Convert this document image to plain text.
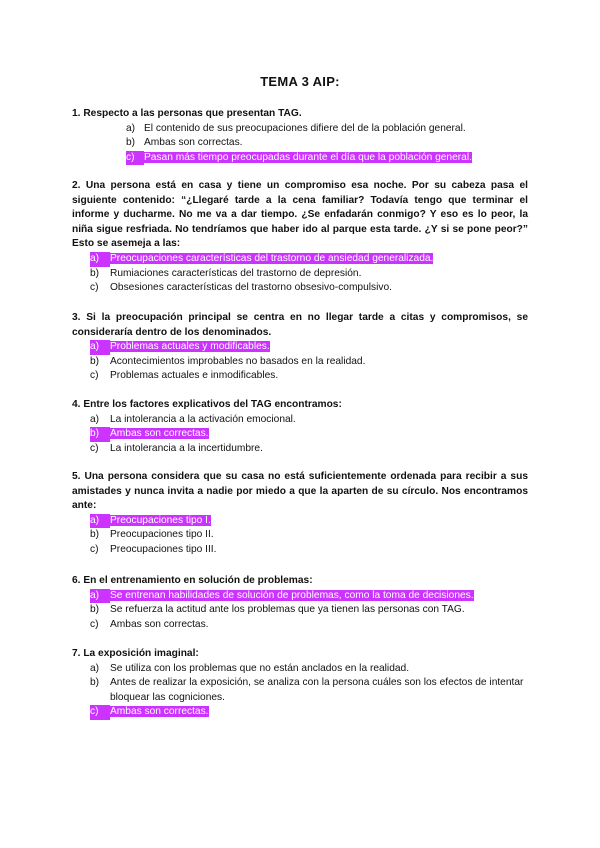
TEMA 3 AIP:
1. Respecto a las personas que presentan TAG.
a) El contenido de sus preocupaciones difiere del de la población general.
b) Ambas son correctas.
c) Pasan más tiempo preocupadas durante el día que la población general.
2. Una persona está en casa y tiene un compromiso esa noche. Por su cabeza pasa el siguiente contenido: “¿Llegaré tarde a la cena familiar? Todavía tengo que terminar el informe y ducharme. No me va a dar tiempo. ¿Se enfadarán conmigo? Y eso es lo peor, la niña sigue resfriada. No tendríamos que haber ido al parque esta tarde. ¿Y si se pone peor?” Esto se asemeja a las:
a) Preocupaciones características del trastorno de ansiedad generalizada.
b)	Rumiaciones características del trastorno de depresión.
c)	Obsesiones características del trastorno obsesivo-compulsivo.
3. Si la preocupación principal se centra en no llegar tarde a citas y compromisos, se consideraría dentro de los denominados.
a) Problemas actuales y modificables.
b)	Acontecimientos improbables no basados en la realidad.
c)	Problemas actuales e inmodificables.
4. Entre los factores explicativos del TAG encontramos:
a)	La intolerancia a la activación emocional.
b) Ambas son correctas.
c)	La intolerancia a la incertidumbre.
5. Una persona considera que su casa no está suficientemente ordenada para recibir a sus amistades y nunca invita a nadie por miedo a que la aparten de su círculo. Nos encontramos ante:
a) Preocupaciones tipo I.
b)	Preocupaciones tipo II.
c)	Preocupaciones tipo III.
6. En el entrenamiento en solución de problemas:
a) Se entrenan habilidades de solución de problemas, como la toma de decisiones.
b)	Se refuerza la actitud ante los problemas que ya tienen las personas con TAG.
c)	Ambas son correctas.
7. La exposición imaginal:
a)	Se utiliza con los problemas que no están anclados en la realidad.
b)	Antes de realizar la exposición, se analiza con la persona cuáles son los efectos de intentar bloquear las cogniciones.
c) Ambas son correctas.
